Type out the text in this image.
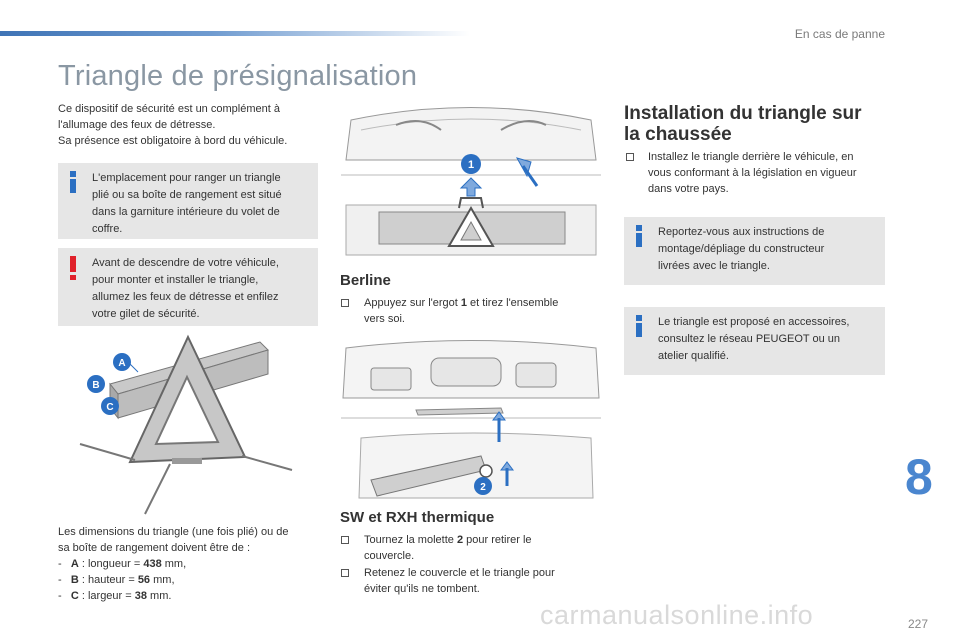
En cas de panne
Triangle de présignalisation
Ce dispositif de sécurité est un complément à
l'allumage des feux de détresse.
Sa présence est obligatoire à bord du véhicule.
L'emplacement pour ranger un triangle
plié ou sa boîte de rangement est situé
dans la garniture intérieure du volet de
coffre.
Avant de descendre de votre véhicule,
pour monter et installer le triangle,
allumez les feux de détresse et enfilez
votre gilet de sécurité.
A
B
C
Les dimensions du triangle (une fois plié) ou de
sa boîte de rangement doivent être de :
- A : longueur = 438 mm,
- B : hauteur = 56 mm,
- C : largeur = 38 mm.
1
Berline
Appuyez sur l'ergot 1 et tirez l'ensemble
vers soi.
2
SW et RXH thermique
Tournez la molette 2 pour retirer le
couvercle.
Retenez le couvercle et le triangle pour
éviter qu'ils ne tombent.
Installation du triangle sur
la chaussée
Installez le triangle derrière le véhicule, en
vous conformant à la législation en vigueur
dans votre pays.
Reportez-vous aux instructions de
montage/dépliage du constructeur
livrées avec le triangle.
Le triangle est proposé en accessoires,
consultez le réseau PEUGEOT ou un
atelier qualifié.
8
carmanualsonline.info	227
